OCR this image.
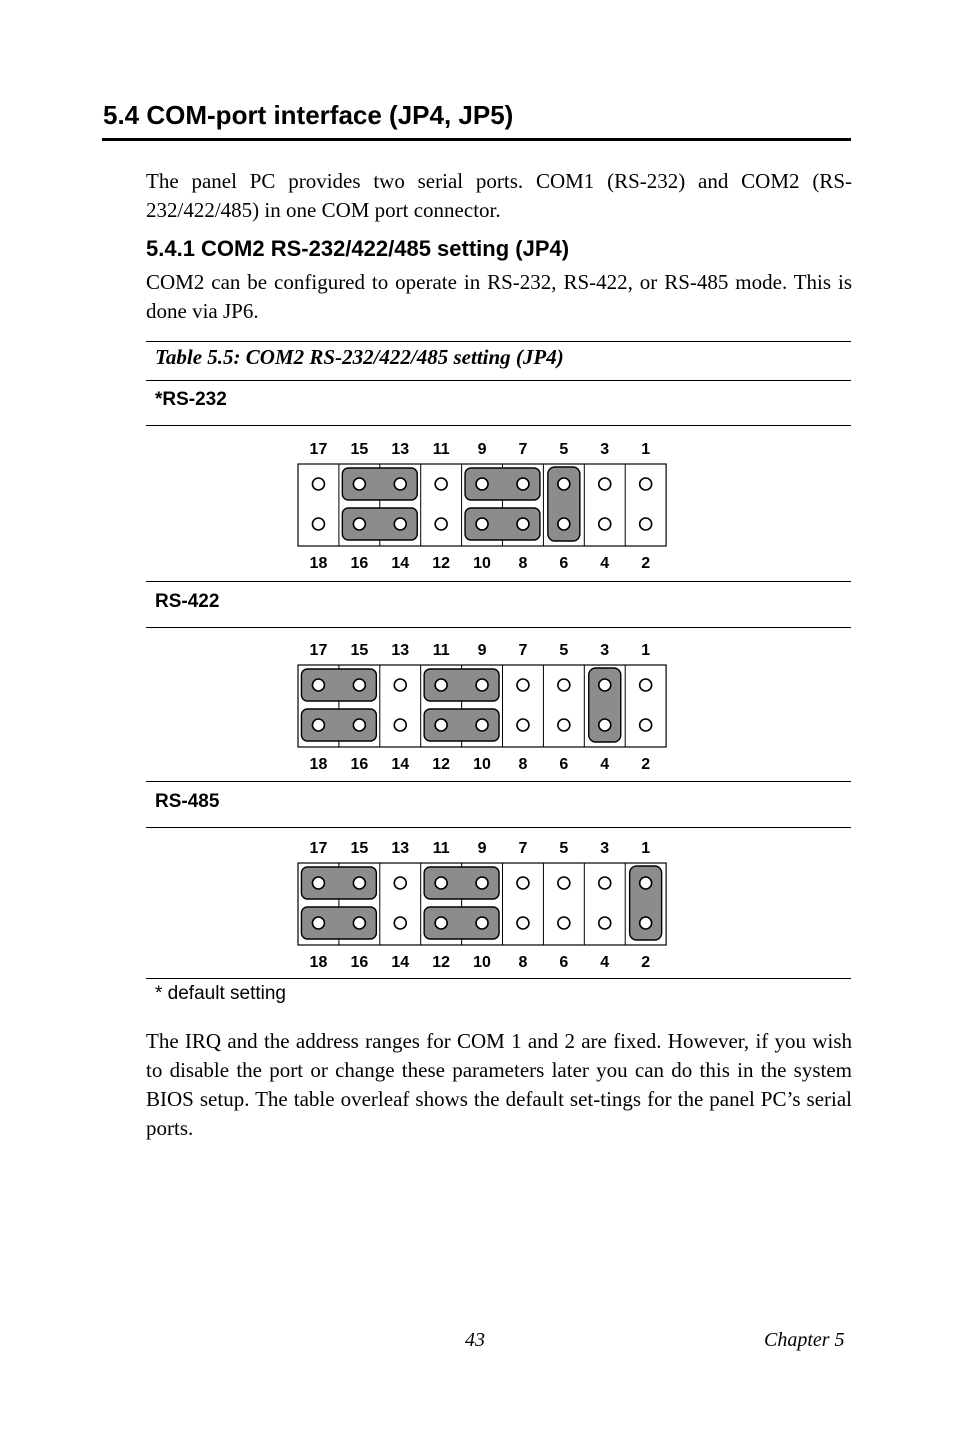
5.4 COM-port interface (JP4, JP5)
The panel PC provides two serial ports. COM1 (RS-232) and COM2 (RS-232/422/485) in one COM port connector.
5.4.1 COM2 RS-232/422/485 setting (JP4)
COM2 can be configured to operate in RS-232, RS-422, or RS-485 mode. This is done via JP6.
Table 5.5: COM2 RS-232/422/485 setting (JP4)
*RS-232
17 15 13 11 9 7 5 3 1
18 16 14 12 10 8 6 4 2
RS-422
17 15 13 11 9 7 5 3 1
18 16 14 12 10 8 6 4 2
RS-485
17 15 13 11 9 7 5 3 1
18 16 14 12 10 8 6 4 2
* default setting
The IRQ and the address ranges for COM 1 and 2 are fixed. However, if you wish to disable the port or change these parameters later you can do this in the system BIOS setup. The table overleaf shows the default set-tings for the panel PC’s serial ports.
43	Chapter 5
